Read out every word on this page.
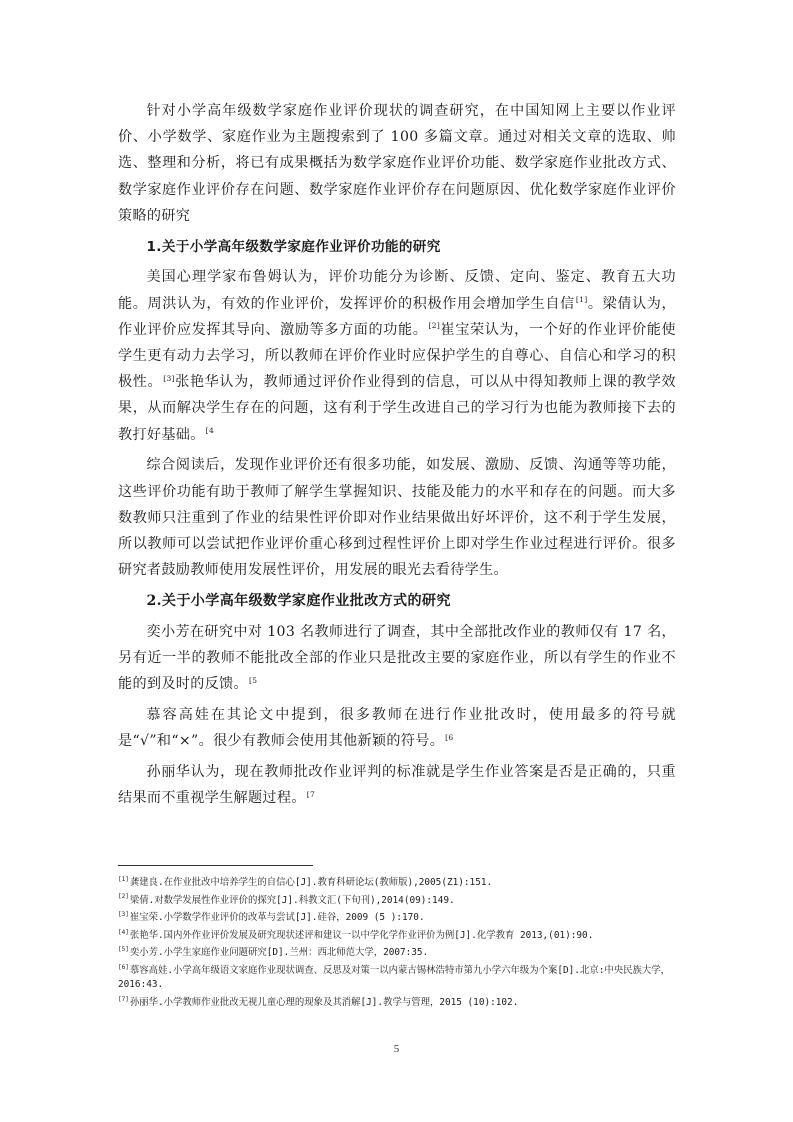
针对小学高年级数学家庭作业评价现状的调查研究，在中国知网上主要以作业评价、小学数学、家庭作业为主题搜索到了 100 多篇文章。通过对相关文章的选取、帅选、整理和分析，将已有成果概括为数学家庭作业评价功能、数学家庭作业批改方式、数学家庭作业评价存在问题、数学家庭作业评价存在问题原因、优化数学家庭作业评价策略的研究

1.关于小学高年级数学家庭作业评价功能的研究

美国心理学家布鲁姆认为，评价功能分为诊断、反馈、定向、鉴定、教育五大功能。周洪认为，有效的作业评价，发挥评价的积极作用会增加学生自信[1]。梁倩认为，作业评价应发挥其导向、激励等多方面的功能。[2]崔宝荣认为，一个好的作业评价能使学生更有动力去学习，所以教师在评价作业时应保护学生的自尊心、自信心和学习的积极性。[3]张艳华认为，教师通过评价作业得到的信息，可以从中得知教师上课的教学效果，从而解决学生存在的问题，这有利于学生改进自己的学习行为也能为教师接下去的教打好基础。$^{[4}$

综合阅读后，发现作业评价还有很多功能，如发展、激励、反馈、沟通等等功能，这些评价功能有助于教师了解学生掌握知识、技能及能力的水平和存在的问题。而大多数教师只注重到了作业的结果性评价即对作业结果做出好坏评价，这不利于学生发展，所以教师可以尝试把作业评价重心移到过程性评价上即对学生作业过程进行评价。很多研究者鼓励教师使用发展性评价，用发展的眼光去看待学生。

2.关于小学高年级数学家庭作业批改方式的研究

奕小芳在研究中对 103 名教师进行了调查，其中全部批改作业的教师仅有 17 名，另有近一半的教师不能批改全部的作业只是批改主要的家庭作业，所以有学生的作业不能的到及时的反馈。$^{[5}$

慕容高娃在其论文中提到，很多教师在进行作业批改时，使用最多的符号就是“√”和“×”。很少有教师会使用其他新颖的符号。$^{[6}$

孙丽华认为，现在教师批改作业评判的标准就是学生作业答案是否是正确的，只重结果而不重视学生解题过程。$^{[7}$

[1]龚建良.在作业批改中培养学生的自信心[J].教育科研论坛(教师版),2005(Z1):151.
[2]梁倩.对数学发展性作业评价的探究[J].科教文汇(下旬刊),2014(09):149.
[3]崔宝荣.小学数学作业评价的改革与尝试[J].硅谷，2009 (5 ):170.
[4]张艳华.国内外作业评价发展及研究现状述评和建议一以中学化学作业评价为例[J].化学教育 2013,(01):90.
[5]奕小芳.小学生家庭作业问题研究[D].兰州：西北师范大学，2007:35.
[6]慕容高娃.小学高年级语文家庭作业现状调查、反思及对策一以内蒙古锡林浩特市第九小学六年级为个案[D].北京:中央民族大学，2016:43.
[7]孙丽华.小学教师作业批改无视儿童心理的现象及其消解[J].教学与管理，2015 (10):102.
5
